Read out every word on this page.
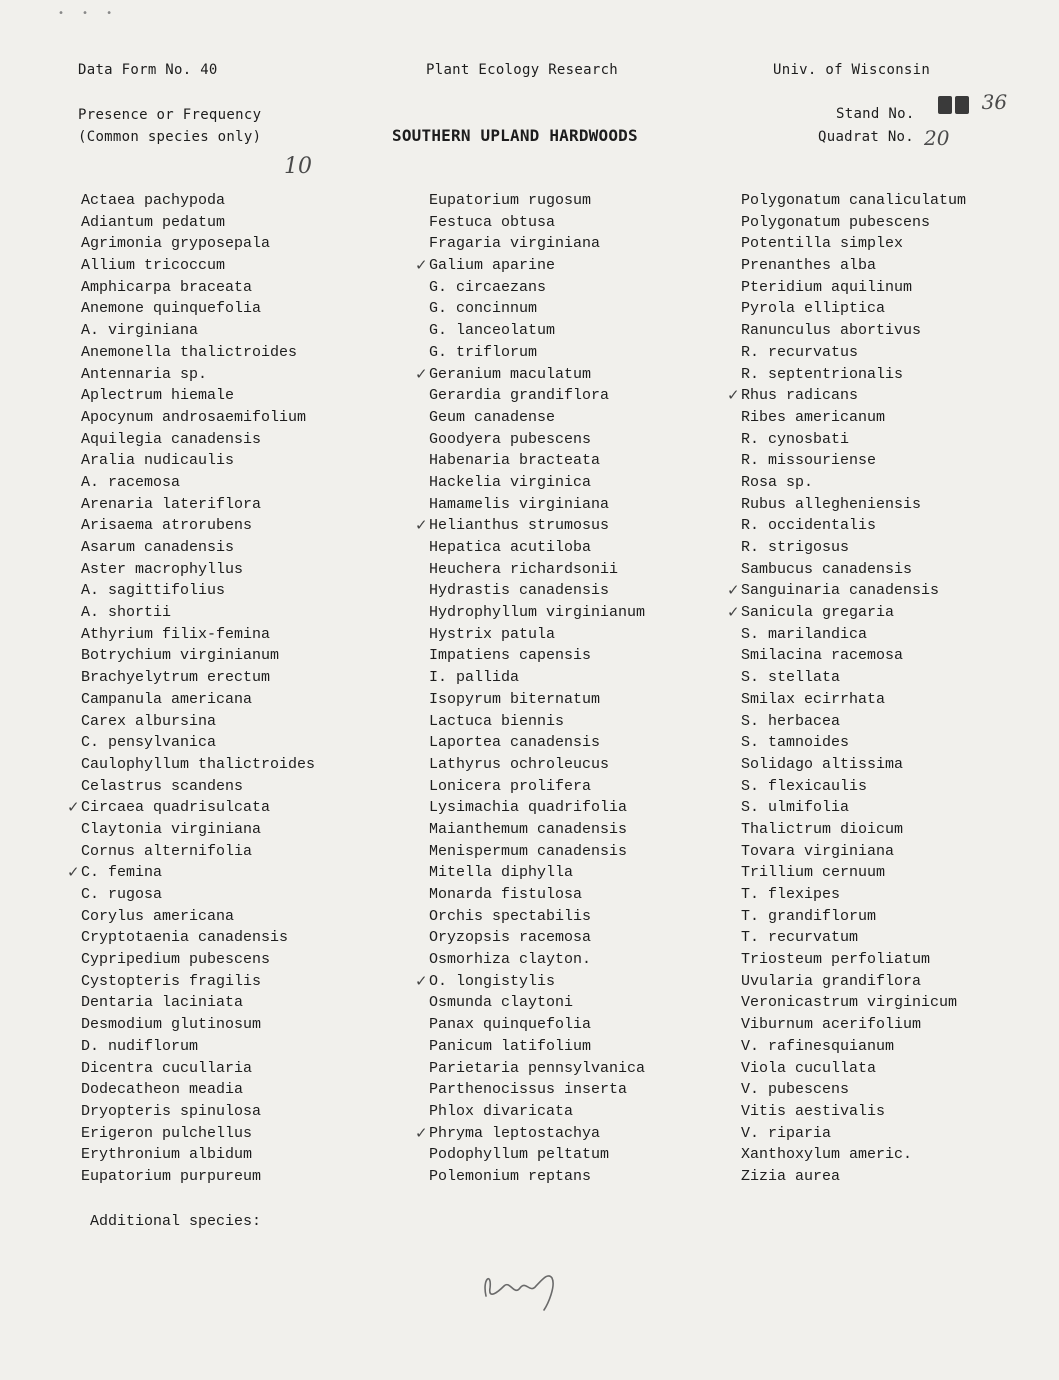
• • •
Data Form No. 40	Plant Ecology Research	Univ. of Wisconsin
Presence or Frequency
(Common species only)	SOUTHERN UPLAND HARDWOODS
Stand No.	36
Quadrat No. 20
10
Actaea pachypoda
Adiantum pedatum
Agrimonia gryposepala
Allium tricoccum
Amphicarpa braceata
Anemone quinquefolia
A. virginiana
Anemonella thalictroides
Antennaria sp.
Aplectrum hiemale
Apocynum androsaemifolium
Aquilegia canadensis
Aralia nudicaulis
A. racemosa
Arenaria lateriflora
Arisaema atrorubens
Asarum canadensis
Aster macrophyllus
A. sagittifolius
A. shortii
Athyrium filix-femina
Botrychium virginianum
Brachyelytrum erectum
Campanula americana
Carex albursina
C. pensylvanica
Caulophyllum thalictroides
Celastrus scandens
✓ Circaea quadrisulcata
Claytonia virginiana
Cornus alternifolia
✓ C. femina
C. rugosa
Corylus americana
Cryptotaenia canadensis
Cypripedium pubescens
Cystopteris fragilis
Dentaria laciniata
Desmodium glutinosum
D. nudiflorum
Dicentra cucullaria
Dodecatheon meadia
Dryopteris spinulosa
Erigeron pulchellus
Erythronium albidum
Eupatorium purpureum
Eupatorium rugosum
Festuca obtusa
Fragaria virginiana
✓ Galium aparine
G. circaezans
G. concinnum
G. lanceolatum
G. triflorum
✓ Geranium maculatum
Gerardia grandiflora
Geum canadense
Goodyera pubescens
Habenaria bracteata
Hackelia virginica
Hamamelis virginiana
✓ Helianthus strumosus
Hepatica acutiloba
Heuchera richardsonii
Hydrastis canadensis
Hydrophyllum virginianum
Hystrix patula
Impatiens capensis
I. pallida
Isopyrum biternatum
Lactuca biennis
Laportea canadensis
Lathyrus ochroleucus
Lonicera prolifera
Lysimachia quadrifolia
Maianthemum canadensis
Menispermum canadensis
Mitella diphylla
Monarda fistulosa
Orchis spectabilis
Oryzopsis racemosa
Osmorhiza clayton.
✓ O. longistylis
Osmunda claytoni
Panax quinquefolia
Panicum latifolium
Parietaria pennsylvanica
Parthenocissus inserta
Phlox divaricata
✓ Phryma leptostachya
Podophyllum peltatum
Polemonium reptans
Polygonatum canaliculatum
Polygonatum pubescens
Potentilla simplex
Prenanthes alba
Pteridium aquilinum
Pyrola elliptica
Ranunculus abortivus
R. recurvatus
R. septentrionalis
✓ Rhus radicans
Ribes americanum
R. cynosbati
R. missouriense
Rosa sp.
Rubus allegheniensis
R. occidentalis
R. strigosus
Sambucus canadensis
✓ Sanguinaria canadensis
✓ Sanicula gregaria
S. marilandica
Smilacina racemosa
S. stellata
Smilax ecirrhata
S. herbacea
S. tamnoides
Solidago altissima
S. flexicaulis
S. ulmifolia
Thalictrum dioicum
Tovara virginiana
Trillium cernuum
T. flexipes
T. grandiflorum
T. recurvatum
Triosteum perfoliatum
Uvularia grandiflora
Veronicastrum virginicum
Viburnum acerifolium
V. rafinesquianum
Viola cucullata
V. pubescens
Vitis aestivalis
V. riparia
Xanthoxylum americ.
Zizia aurea
Additional species:
